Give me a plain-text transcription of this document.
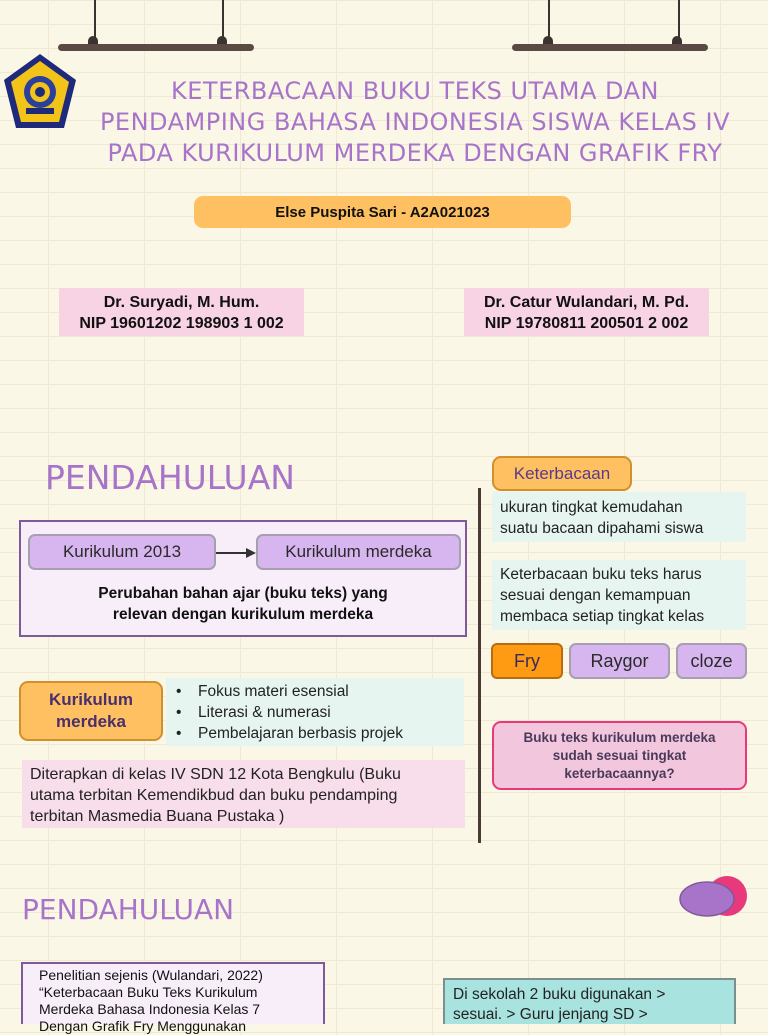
KETERBACAAN BUKU TEKS UTAMA DAN
PENDAMPING BAHASA INDONESIA SISWA KELAS IV
PADA KURIKULUM MERDEKA DENGAN GRAFIK FRY
Else Puspita Sari - A2A021023
Dr. Suryadi, M. Hum.
NIP 19601202 198903 1 002
Dr. Catur Wulandari, M. Pd.
NIP 19780811 200501 2 002
PENDAHULUAN
Kurikulum 2013	Kurikulum merdeka
Perubahan bahan ajar (buku teks) yang
relevan dengan kurikulum merdeka
Kurikulum
merdeka
• Fokus materi esensial
• Literasi & numerasi
• Pembelajaran berbasis projek
Diterapkan di kelas IV SDN 12 Kota Bengkulu (Buku
utama terbitan Kemendikbud dan buku pendamping
terbitan Masmedia Buana Pustaka )
Keterbacaan
ukuran tingkat kemudahan
suatu bacaan dipahami siswa
Keterbacaan buku teks harus
sesuai dengan kemampuan
membaca setiap tingkat kelas
Fry	Raygor	cloze
Buku teks kurikulum merdeka
sudah sesuai tingkat
keterbacaannya?
PENDAHULUAN
Penelitian sejenis (Wulandari, 2022)
“Keterbacaan Buku Teks Kurikulum
Merdeka Bahasa Indonesia Kelas 7
Dengan Grafik Fry Menggunakan
Di sekolah 2 buku digunakan >
sesuai. > Guru jenjang SD >
